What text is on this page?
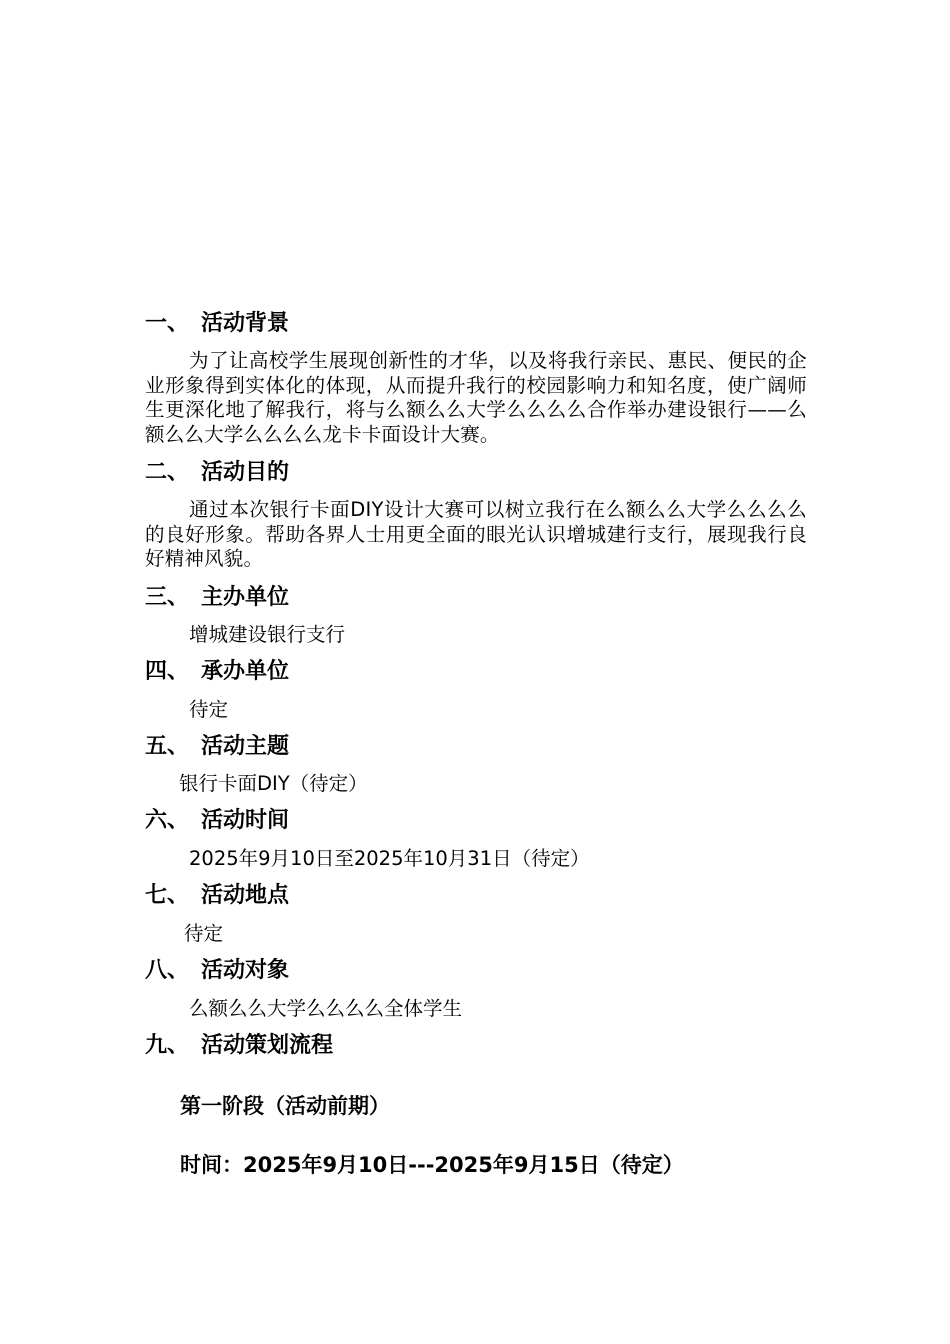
一、 活动背景
为了让高校学生展现创新性的才华，以及将我行亲民、惠民、便民的企业形象得到实体化的体现，从而提升我行的校园影响力和知名度，使广阔师生更深化地了解我行，将与么额么么大学么么么么合作举办建设银行——么额么么大学么么么么龙卡卡面设计大赛。
二、 活动目的
通过本次银行卡面DIY设计大赛可以树立我行在么额么么大学么么么么的良好形象。帮助各界人士用更全面的眼光认识增城建行支行，展现我行良好精神风貌。
三、 主办单位
增城建设银行支行
四、 承办单位
待定
五、 活动主题
银行卡面DIY（待定）
六、 活动时间
2025年9月10日至2025年10月31日（待定）
七、 活动地点
待定
八、 活动对象
么额么么大学么么么么全体学生
九、 活动策划流程
第一阶段（活动前期）
时间：2025年9月10日---2025年9月15日（待定）
